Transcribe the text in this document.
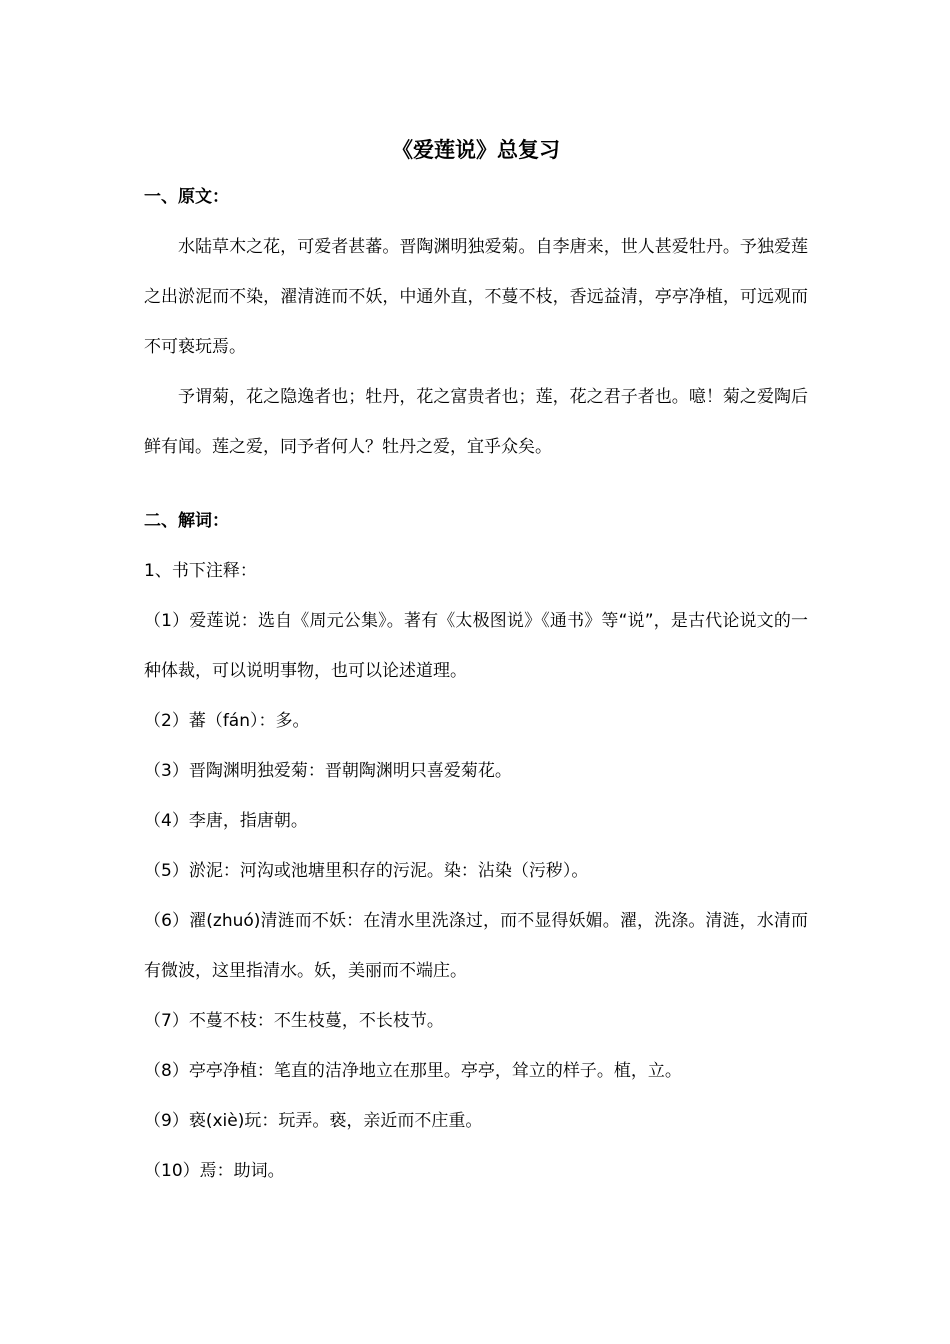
《爱莲说》总复习
一、原文：

水陆草木之花，可爱者甚蕃。晋陶渊明独爱菊。自李唐来，世人甚爱牡丹。予独爱莲之出淤泥而不染，濯清涟而不妖，中通外直，不蔓不枝，香远益清，亭亭净植，可远观而不可亵玩焉。

予谓菊，花之隐逸者也；牡丹，花之富贵者也；莲，花之君子者也。噫！菊之爱陶后鲜有闻。莲之爱，同予者何人？牡丹之爱，宜乎众矣。

二、解词：
1、书下注释：

（1）爱莲说：选自《周元公集》。著有《太极图说》《通书》等“说”，是古代论说文的一种体裁，可以说明事物，也可以论述道理。

（2）蕃（fán）：多。
（3）晋陶渊明独爱菊：晋朝陶渊明只喜爱菊花。
（4）李唐，指唐朝。
（5）淤泥：河沟或池塘里积存的污泥。染：沾染（污秽）。

（6）濯(zhuó)清涟而不妖：在清水里洗涤过，而不显得妖媚。濯，洗涤。清涟，水清而有微波，这里指清水。妖，美丽而不端庄。

（7）不蔓不枝：不生枝蔓，不长枝节。
（8）亭亭净植：笔直的洁净地立在那里。亭亭，耸立的样子。植，立。
（9）亵(xiè)玩：玩弄。亵，亲近而不庄重。
（10）焉：助词。
